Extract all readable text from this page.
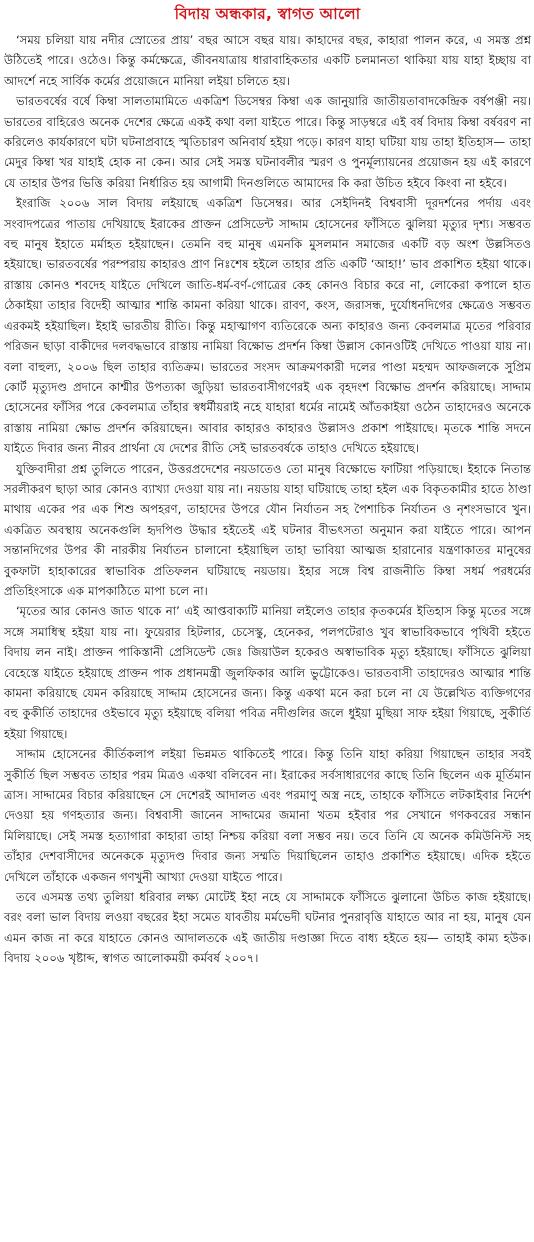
বিদায় অন্ধকার, স্বাগত আলো

‘সময় চলিয়া যায় নদীর স্রোতের প্রায়’ বছর আসে বছর যায়। কাহাদের বছর, কাহারা পালন করে, এ সমস্ত প্রশ্ন উঠিতেই পারে। ওঠেও। কিন্তু কর্মক্ষেত্রে, জীবনযাত্রায় ধারাবাহিকতার একটি চলমানতা থাকিয়া যায় যাহা ইচ্ছায় বা আদর্শে নহে সার্বিক কর্মের প্রয়োজনে মানিয়া লইয়া চলিতে হয়।

ভারতবর্ষের বর্ষে কিম্বা সালতামামিতে একত্রিশ ডিসেম্বর কিম্বা এক জানুয়ারি জাতীয়তাবাদকেন্দ্রিক বর্ষপঞ্জী নয়। ভারতের বাহিরেও অনেক দেশের ক্ষেত্রে একই কথা বলা যাইতে পারে। কিন্তু সাড়ম্বরে এই বর্ষ বিদায় কিম্বা বর্ষবরণ না করিলেও কার্যকারণে ঘটা ঘটনাপ্রবাহে স্মৃতিচারণ অনিবার্য হইয়া পড়ে। কারণ যাহা ঘটিয়া যায় তাহা ইতিহাস— তাহা মেদুর কিম্বা খর যাহাই হোক না কেন। আর সেই সমস্ত ঘটনাবলীর স্মরণ ও পুনর্মূল্যায়নের প্রয়োজন হয় এই কারণে যে তাহার উপর ভিত্তি করিয়া নির্ধারিত হয় আগামী দিনগুলিতে আমাদের কি করা উচিত হইবে কিংবা না হইবে।

ইংরাজি ২০০৬ সাল বিদায় লইয়াছে একত্রিশ ডিসেম্বর। আর সেইদিনই বিশ্ববাসী দূরদর্শনের পর্দায় এবং সংবাদপত্রের পাতায় দেখিয়াছে ইরাকের প্রাক্তন প্রেসিডেন্ট সাদ্দাম হোসেনের ফাঁসিতে ঝুলিয়া মৃত্যুর দৃশ্য। সম্ভবত বহু মানুষ ইহাতে মর্মাহত হইয়াছেন। তেমনি বহু মানুষ এমনকি মুসলমান সমাজের একটি বড় অংশ উল্লসিতও হইয়াছে। ভারতবর্ষের পরম্পরায় কাহারও প্রাণ নিঃশেষ হইলে তাহার প্রতি একটি ‘আহা!’ ভাব প্রকাশিত হইয়া থাকে। রাস্তায় কোনও শবদেহ যাইতে দেখিলে জাতি-ধর্ম-বর্ণ-গোত্রের কেহ কোনও বিচার করে না, লোকেরা কপালে হাত ঠেকাইয়া তাহার বিদেহী আত্মার শান্তি কামনা করিয়া থাকে। রাবণ, কংস, জরাসন্ধ, দুর্যোধনদিগের ক্ষেত্রেও সম্ভবত এরকমই হইয়াছিল। ইহাই ভারতীয় রীতি। কিন্তু মহাত্মাগণ ব্যতিরেকে অন্য কাহারও জন্য কেবলমাত্র মৃতের পরিবার পরিজন ছাড়া বাকীদের দলবদ্ধভাবে রাস্তায় নামিয়া বিক্ষোভ প্রদর্শন কিম্বা উল্লাস কোনওটিই দেখিতে পাওয়া যায় না। বলা বাহুল্য, ২০০৬ ছিল তাহার ব্যতিক্রম। ভারতের সংসদ আক্রমণকারী দলের পাণ্ডা মহম্মদ আফজলকে সুপ্রিম কোর্ট মৃত্যুদণ্ড প্রদানে কাশ্মীর উপত্যকা জুড়িয়া ভারতবাসীগণেরই এক বৃহদংশ বিক্ষোভ প্রদর্শন করিয়াছে। সাদ্দাম হোসেনের ফাঁসির পরে কেবলমাত্র তাঁহার স্বধর্মীয়রাই নহে যাহারা ধর্মের নামেই আঁতকাইয়া ওঠেন তাহাদেরও অনেকে রাস্তায় নামিয়া ক্ষোভ প্রদর্শন করিয়াছেন। আবার কাহারও কাহারও উল্লাসও প্রকাশ পাইয়াছে। মৃতকে শান্তি সদনে যাইতে দিবার জন্য নীরব প্রার্থনা যে দেশের রীতি সেই ভারতবর্ষকে তাহাও দেখিতে হইয়াছে।

যুক্তিবাদীরা প্রশ্ন তুলিতে পারেন, উত্তরপ্রদেশের নয়ডাতেও তো মানুষ বিক্ষোভে ফাটিয়া পড়িয়াছে। ইহাকে নিতান্ত সরলীকরণ ছাড়া আর কোনও ব্যাখ্যা দেওয়া যায় না। নয়ডায় যাহা ঘটিয়াছে তাহা হইল এক বিকৃতকামীর হাতে ঠাণ্ডা মাথায় একের পর এক শিশু অপহরণ, তাহাদের উপরে যৌন নির্যাতন সহ পৈশাচিক নির্যাতন ও নৃশংসভাবে খুন। একত্রিত অবস্থায় অনেকগুলি হৃদপিণ্ড উদ্ধার হইতেই এই ঘটনার বীভৎসতা অনুমান করা যাইতে পারে। আপন সন্তানদিগের উপর কী নারকীয় নির্যাতন চালানো হইয়াছিল তাহা ভাবিয়া আত্মজ হারানোর যন্ত্রণাকাতর মানুষের বুকফাটা হাহাকারের স্বাভাবিক প্রতিফলন ঘটিয়াছে নয়ডায়। ইহার সঙ্গে বিশ্ব রাজনীতি কিম্বা সধর্ম পরধর্মের প্রতিহিংসাকে এক মাপকাঠিতে মাপা চলে না।

‘মৃতের আর কোনও জাত থাকে না’ এই আপ্তবাক্যটি মানিয়া লইলেও তাহার কৃতকর্মের ইতিহাস কিন্তু মৃতের সঙ্গে সঙ্গে সমাধিস্থ হইয়া যায় না। ফুয়েরার হিটলার, চেসেস্কু, হেনেকর, পলপটেরাও খুব স্বাভাবিকভাবে পৃথিবী হইতে বিদায় লন নাই। প্রাক্তন পাকিস্তানী প্রেসিডেন্ট জেঃ জিয়াউল হকেরও অস্বাভাবিক মৃত্যু হইয়াছে। ফাঁসিতে ঝুলিয়া বেহেস্তে যাইতে হইয়াছে প্রাক্তন পাক প্রধানমন্ত্রী জুলফিকার আলি ভুট্টোকেও। ভারতবাসী তাহাদেরও আত্মার শান্তি কামনা করিয়াছে যেমন করিয়াছে সাদ্দাম হোসেনের জন্য। কিন্তু একথা মনে করা চলে না যে উল্লেখিত ব্যক্তিগণের বহু কুকীর্তি তাহাদের ওইভাবে মৃত্যু হইয়াছে বলিয়া পবিত্র নদীগুলির জলে ধুইয়া মুছিয়া সাফ হইয়া গিয়াছে, সুকীর্তি হইয়া গিয়াছে।

সাদ্দাম হোসেনের কীর্তিকলাপ লইয়া ভিন্নমত থাকিতেই পারে। কিন্তু তিনি যাহা করিয়া গিয়াছেন তাহার সবই সুকীর্তি ছিল সম্ভবত তাহার পরম মিত্রও একথা বলিবেন না। ইরাকের সর্বসাধারণের কাছে তিনি ছিলেন এক মূর্তিমান ত্রাস। সাদ্দামের বিচার করিয়াছেন সে দেশেরই আদালত এবং পরমাণু অস্ত্র নহে, তাহাকে ফাঁসিতে লটকাইবার নির্দেশ দেওয়া হয় গণহত্যার জন্য। বিশ্ববাসী জানেন সাদ্দামের জমানা খতম হইবার পর সেখানে গণকবরের সন্ধান মিলিয়াছে। সেই সমস্ত হত্যাগারা কাহারা তাহা নিশ্চয় করিয়া বলা সম্ভব নয়। তবে তিনি যে অনেক কমিউনিস্ট সহ তাঁহার দেশবাসীদের অনেককে মৃত্যুদণ্ড দিবার জন্য সম্মতি দিয়াছিলেন তাহাও প্রকাশিত হইয়াছে। এদিক হইতে দেখিলে তাঁহাকে একজন গণখুনী আখ্যা দেওয়া যাইতে পারে।

তবে এসমস্ত তথ্য তুলিয়া ধরিবার লক্ষ্য মোটেই ইহা নহে যে সাদ্দামকে ফাঁসিতে ঝুলানো উচিত কাজ হইয়াছে। বরং বলা ভাল বিদায় লওয়া বছরের ইহা সমেত যাবতীয় মর্মভেদী ঘটনার পুনরাবৃত্তি যাহাতে আর না হয়, মানুষ যেন এমন কাজ না করে যাহাতে কোনও আদালতকে এই জাতীয় দণ্ডাজ্ঞা দিতে বাধ্য হইতে হয়— তাহাই কাম্য হউক। বিদায় ২০০৬ খৃষ্টাব্দ, স্বাগত আলোকময়ী কর্মবর্ষ ২০০৭।
